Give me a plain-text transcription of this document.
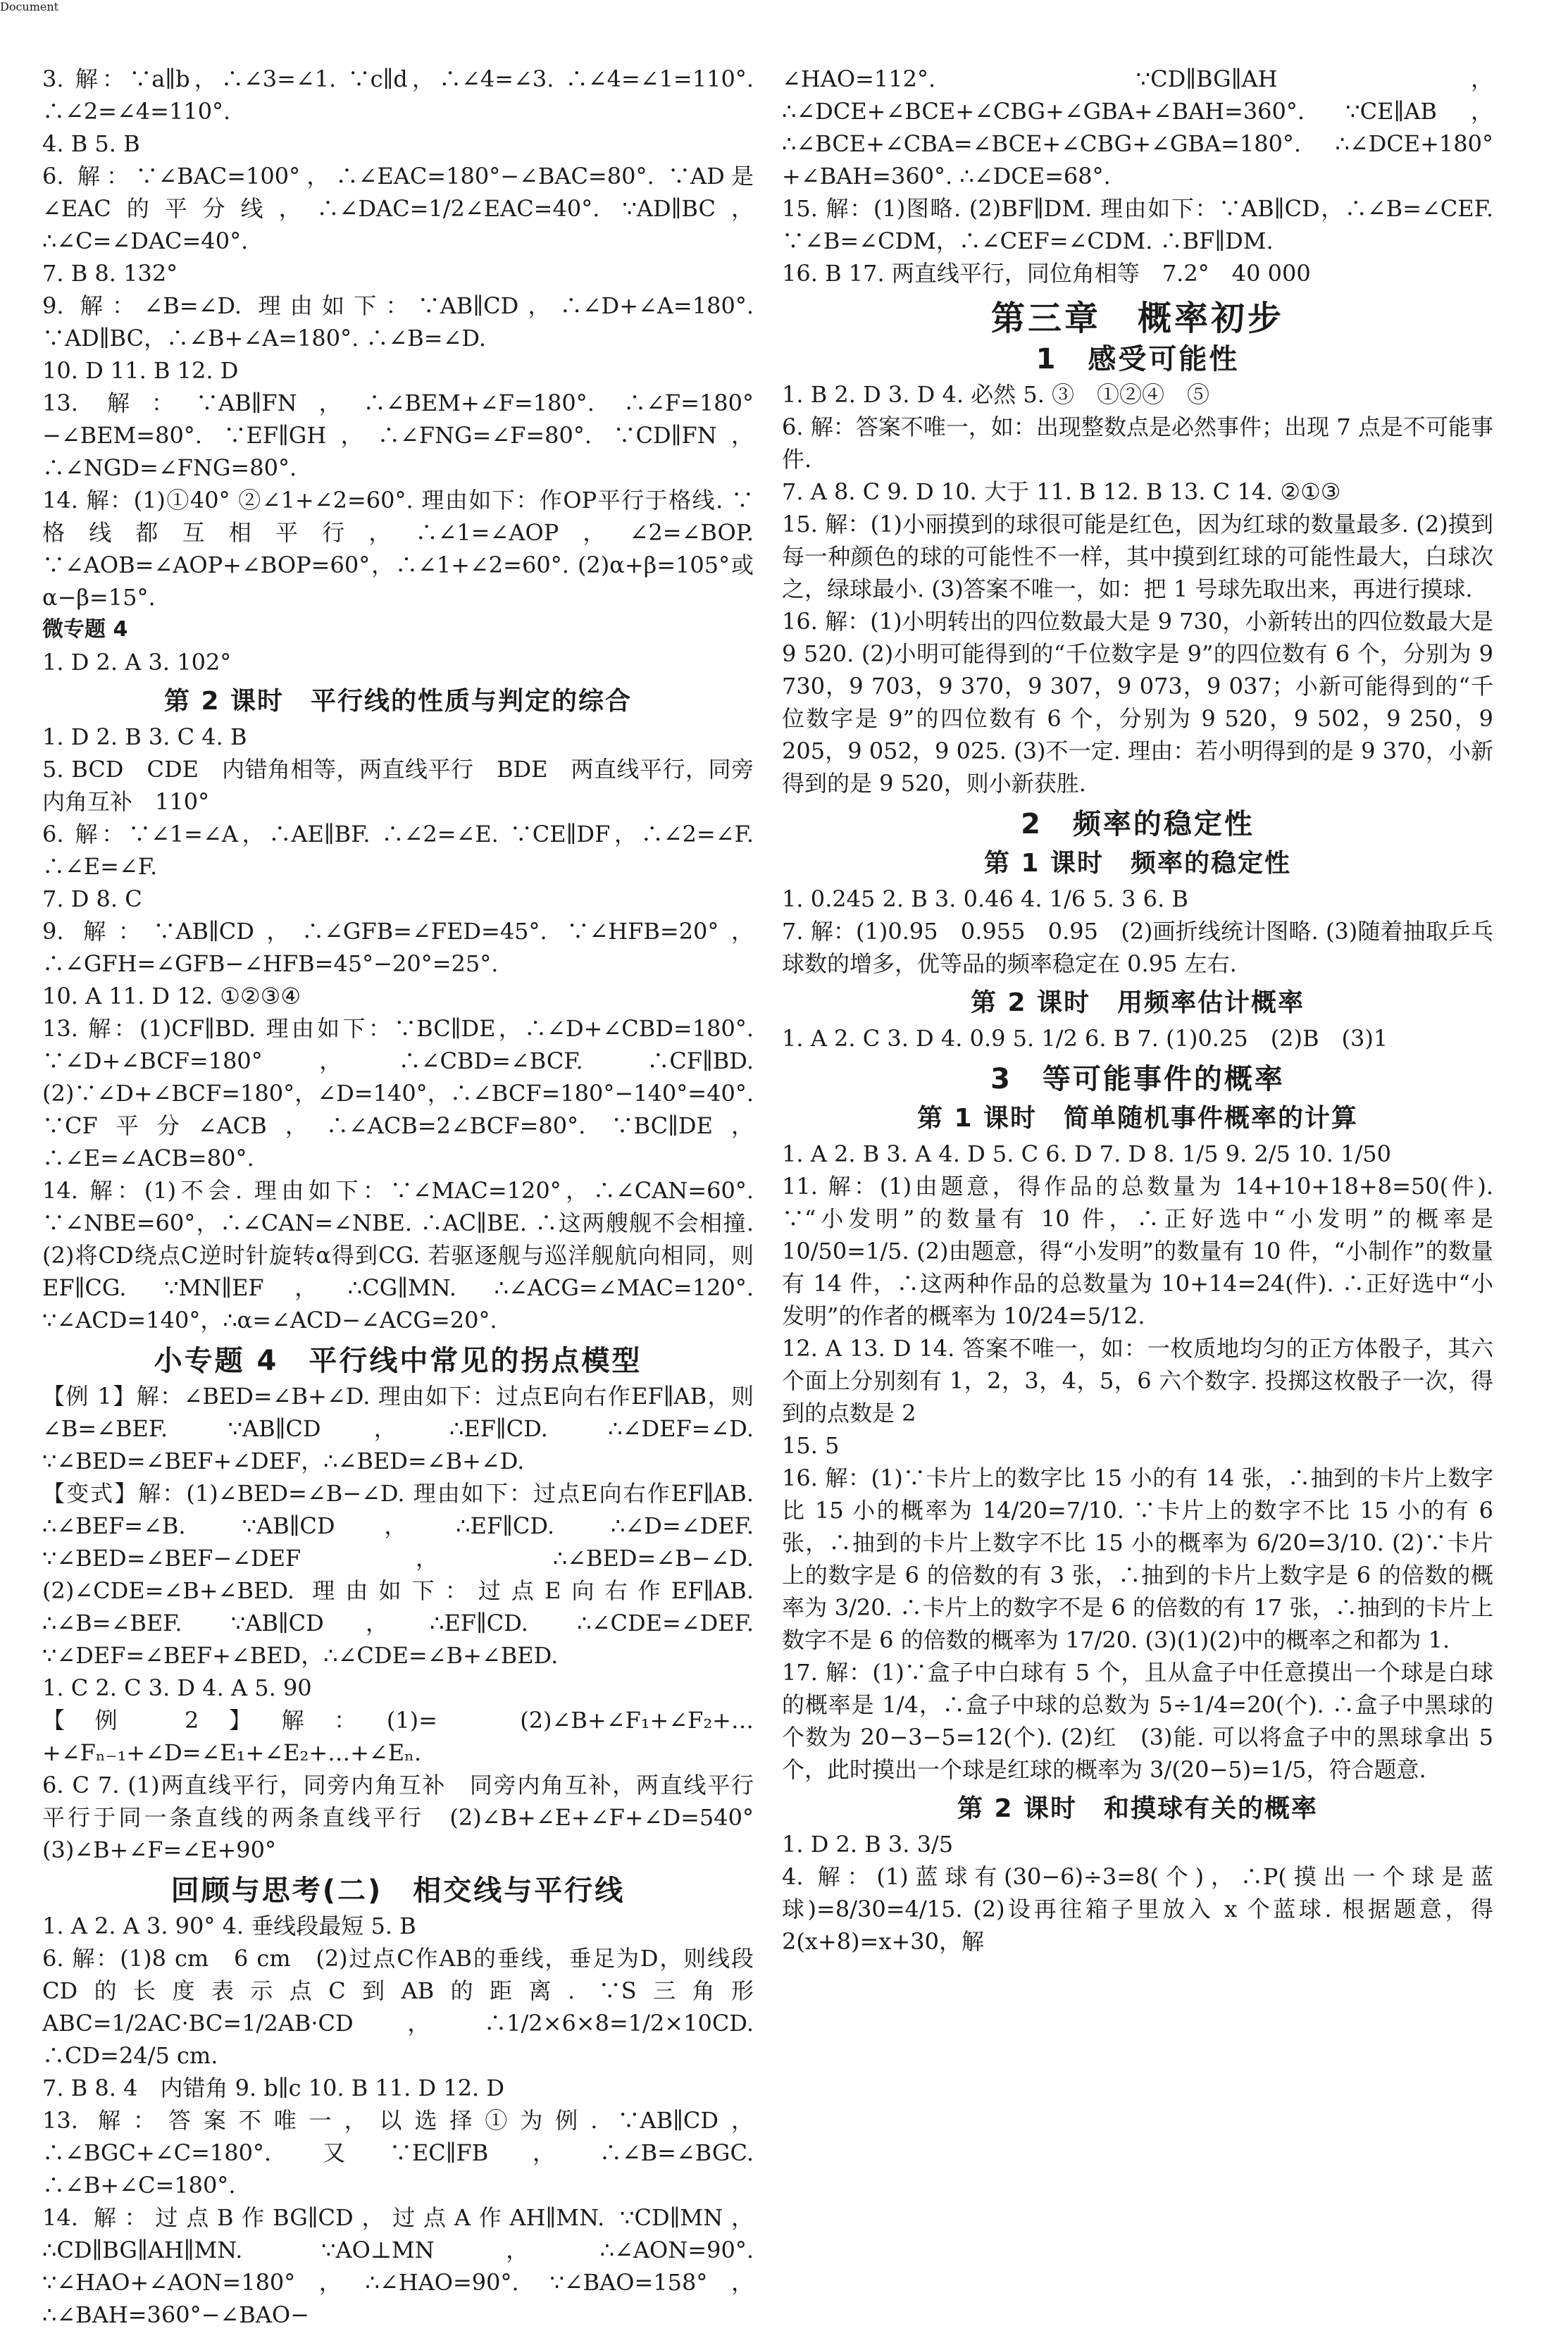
Document
3. 解：∵a∥b，∴∠3=∠1. ∵c∥d，∴∠4=∠3. ∴∠4=∠1=110°. ∴∠2=∠4=110°.
4. B 5. B
6. 解：∵∠BAC=100°，∴∠EAC=180°−∠BAC=80°. ∵AD是∠EAC的平分线，∴∠DAC=1/2∠EAC=40°. ∵AD∥BC，∴∠C=∠DAC=40°.
7. B 8. 132°
9. 解：∠B=∠D. 理由如下：∵AB∥CD，∴∠D+∠A=180°. ∵AD∥BC，∴∠B+∠A=180°. ∴∠B=∠D.
10. D 11. B 12. D
13. 解：∵AB∥FN，∴∠BEM+∠F=180°. ∴∠F=180°−∠BEM=80°. ∵EF∥GH，∴∠FNG=∠F=80°. ∵CD∥FN，∴∠NGD=∠FNG=80°.
14. 解：(1)①40° ②∠1+∠2=60°. 理由如下：作OP平行于格线. ∵格线都互相平行，∴∠1=∠AOP，∠2=∠BOP. ∵∠AOB=∠AOP+∠BOP=60°，∴∠1+∠2=60°. (2)α+β=105°或α−β=15°.
微专题 4
1. D 2. A 3. 102°
第 2 课时　平行线的性质与判定的综合
1. D 2. B 3. C 4. B
5. BCD　CDE　内错角相等，两直线平行　BDE　两直线平行，同旁内角互补　110°
6. 解：∵∠1=∠A，∴AE∥BF. ∴∠2=∠E. ∵CE∥DF，∴∠2=∠F. ∴∠E=∠F.
7. D 8. C
9. 解：∵AB∥CD，∴∠GFB=∠FED=45°. ∵∠HFB=20°，∴∠GFH=∠GFB−∠HFB=45°−20°=25°.
10. A 11. D 12. ①②③④
13. 解：(1)CF∥BD. 理由如下：∵BC∥DE，∴∠D+∠CBD=180°. ∵∠D+∠BCF=180°，∴∠CBD=∠BCF. ∴CF∥BD. (2)∵∠D+∠BCF=180°，∠D=140°，∴∠BCF=180°−140°=40°. ∵CF平分∠ACB，∴∠ACB=2∠BCF=80°. ∵BC∥DE，∴∠E=∠ACB=80°.
14. 解：(1)不会. 理由如下：∵∠MAC=120°，∴∠CAN=60°. ∵∠NBE=60°，∴∠CAN=∠NBE. ∴AC∥BE. ∴这两艘舰不会相撞. (2)将CD绕点C逆时针旋转α得到CG. 若驱逐舰与巡洋舰航向相同，则EF∥CG. ∵MN∥EF，∴CG∥MN. ∴∠ACG=∠MAC=120°. ∵∠ACD=140°，∴α=∠ACD−∠ACG=20°.
小专题 4　平行线中常见的拐点模型
【例 1】解：∠BED=∠B+∠D. 理由如下：过点E向右作EF∥AB，则∠B=∠BEF. ∵AB∥CD，∴EF∥CD. ∴∠DEF=∠D. ∵∠BED=∠BEF+∠DEF，∴∠BED=∠B+∠D.
【变式】解：(1)∠BED=∠B−∠D. 理由如下：过点E向右作EF∥AB. ∴∠BEF=∠B. ∵AB∥CD，∴EF∥CD. ∴∠D=∠DEF. ∵∠BED=∠BEF−∠DEF，∴∠BED=∠B−∠D. (2)∠CDE=∠B+∠BED. 理由如下：过点E向右作EF∥AB. ∴∠B=∠BEF. ∵AB∥CD，∴EF∥CD. ∴∠CDE=∠DEF. ∵∠DEF=∠BEF+∠BED，∴∠CDE=∠B+∠BED.
1. C 2. C 3. D 4. A 5. 90
【例 2】解：(1)=　(2)∠B+∠F₁+∠F₂+…+∠Fₙ₋₁+∠D=∠E₁+∠E₂+…+∠Eₙ.
6. C 7. (1)两直线平行，同旁内角互补　同旁内角互补，两直线平行　平行于同一条直线的两条直线平行　(2)∠B+∠E+∠F+∠D=540°　(3)∠B+∠F=∠E+90°
回顾与思考(二)　相交线与平行线
1. A 2. A 3. 90° 4. 垂线段最短 5. B
6. 解：(1)8 cm　6 cm　(2)过点C作AB的垂线，垂足为D，则线段CD的长度表示点C到AB的距离. ∵S三角形ABC=1/2AC·BC=1/2AB·CD，∴1/2×6×8=1/2×10CD. ∴CD=24/5 cm.
7. B 8. 4　内错角 9. b∥c 10. B 11. D 12. D
13. 解：答案不唯一，以选择①为例. ∵AB∥CD，∴∠BGC+∠C=180°. 又∵EC∥FB，∴∠B=∠BGC. ∴∠B+∠C=180°.
14. 解：过点B作BG∥CD，过点A作AH∥MN. ∵CD∥MN，∴CD∥BG∥AH∥MN. ∵AO⊥MN，∴∠AON=90°. ∵∠HAO+∠AON=180°，∴∠HAO=90°. ∵∠BAO=158°，∴∠BAH=360°−∠BAO−
∠HAO=112°. ∵CD∥BG∥AH，∴∠DCE+∠BCE+∠CBG+∠GBA+∠BAH=360°. ∵CE∥AB，∴∠BCE+∠CBA=∠BCE+∠CBG+∠GBA=180°. ∴∠DCE+180°+∠BAH=360°. ∴∠DCE=68°.
15. 解：(1)图略. (2)BF∥DM. 理由如下：∵AB∥CD，∴∠B=∠CEF. ∵∠B=∠CDM，∴∠CEF=∠CDM. ∴BF∥DM.
16. B 17. 两直线平行，同位角相等　7.2°　40 000
第三章　概率初步
1　感受可能性
1. B 2. D 3. D 4. 必然 5. ③　①②④　⑤
6. 解：答案不唯一，如：出现整数点是必然事件；出现 7 点是不可能事件.
7. A 8. C 9. D 10. 大于 11. B 12. B 13. C 14. ②①③
15. 解：(1)小丽摸到的球很可能是红色，因为红球的数量最多. (2)摸到每一种颜色的球的可能性不一样，其中摸到红球的可能性最大，白球次之，绿球最小. (3)答案不唯一，如：把 1 号球先取出来，再进行摸球.
16. 解：(1)小明转出的四位数最大是 9 730，小新转出的四位数最大是 9 520. (2)小明可能得到的“千位数字是 9”的四位数有 6 个，分别为 9 730，9 703，9 370，9 307，9 073，9 037；小新可能得到的“千位数字是 9”的四位数有 6 个，分别为 9 520，9 502，9 250，9 205，9 052，9 025. (3)不一定. 理由：若小明得到的是 9 370，小新得到的是 9 520，则小新获胜.
2　频率的稳定性
第 1 课时　频率的稳定性
1. 0.245 2. B 3. 0.46 4. 1/6 5. 3 6. B
7. 解：(1)0.95　0.955　0.95　(2)画折线统计图略. (3)随着抽取乒乓球数的增多，优等品的频率稳定在 0.95 左右.
第 2 课时　用频率估计概率
1. A 2. C 3. D 4. 0.9 5. 1/2 6. B 7. (1)0.25　(2)B　(3)1
3　等可能事件的概率
第 1 课时　简单随机事件概率的计算
1. A 2. B 3. A 4. D 5. C 6. D 7. D 8. 1/5 9. 2/5 10. 1/50
11. 解：(1)由题意，得作品的总数量为 14+10+18+8=50(件). ∵“小发明”的数量有 10 件，∴正好选中“小发明”的概率是 10/50=1/5. (2)由题意，得“小发明”的数量有 10 件，“小制作”的数量有 14 件，∴这两种作品的总数量为 10+14=24(件). ∴正好选中“小发明”的作者的概率为 10/24=5/12.
12. A 13. D 14. 答案不唯一，如：一枚质地均匀的正方体骰子，其六个面上分别刻有 1，2，3，4，5，6 六个数字. 投掷这枚骰子一次，得到的点数是 2
15. 5
16. 解：(1)∵卡片上的数字比 15 小的有 14 张，∴抽到的卡片上数字比 15 小的概率为 14/20=7/10. ∵卡片上的数字不比 15 小的有 6 张，∴抽到的卡片上数字不比 15 小的概率为 6/20=3/10. (2)∵卡片上的数字是 6 的倍数的有 3 张，∴抽到的卡片上数字是 6 的倍数的概率为 3/20. ∴卡片上的数字不是 6 的倍数的有 17 张，∴抽到的卡片上数字不是 6 的倍数的概率为 17/20. (3)(1)(2)中的概率之和都为 1.
17. 解：(1)∵盒子中白球有 5 个，且从盒子中任意摸出一个球是白球的概率是 1/4，∴盒子中球的总数为 5÷1/4=20(个). ∴盒子中黑球的个数为 20−3−5=12(个). (2)红　(3)能. 可以将盒子中的黑球拿出 5 个，此时摸出一个球是红球的概率为 3/(20−5)=1/5，符合题意.
第 2 课时　和摸球有关的概率
1. D 2. B 3. 3/5
4. 解：(1)蓝球有(30−6)÷3=8(个)，∴P(摸出一个球是蓝球)=8/30=4/15. (2)设再往箱子里放入 x 个蓝球. 根据题意，得 2(x+8)=x+30，解
